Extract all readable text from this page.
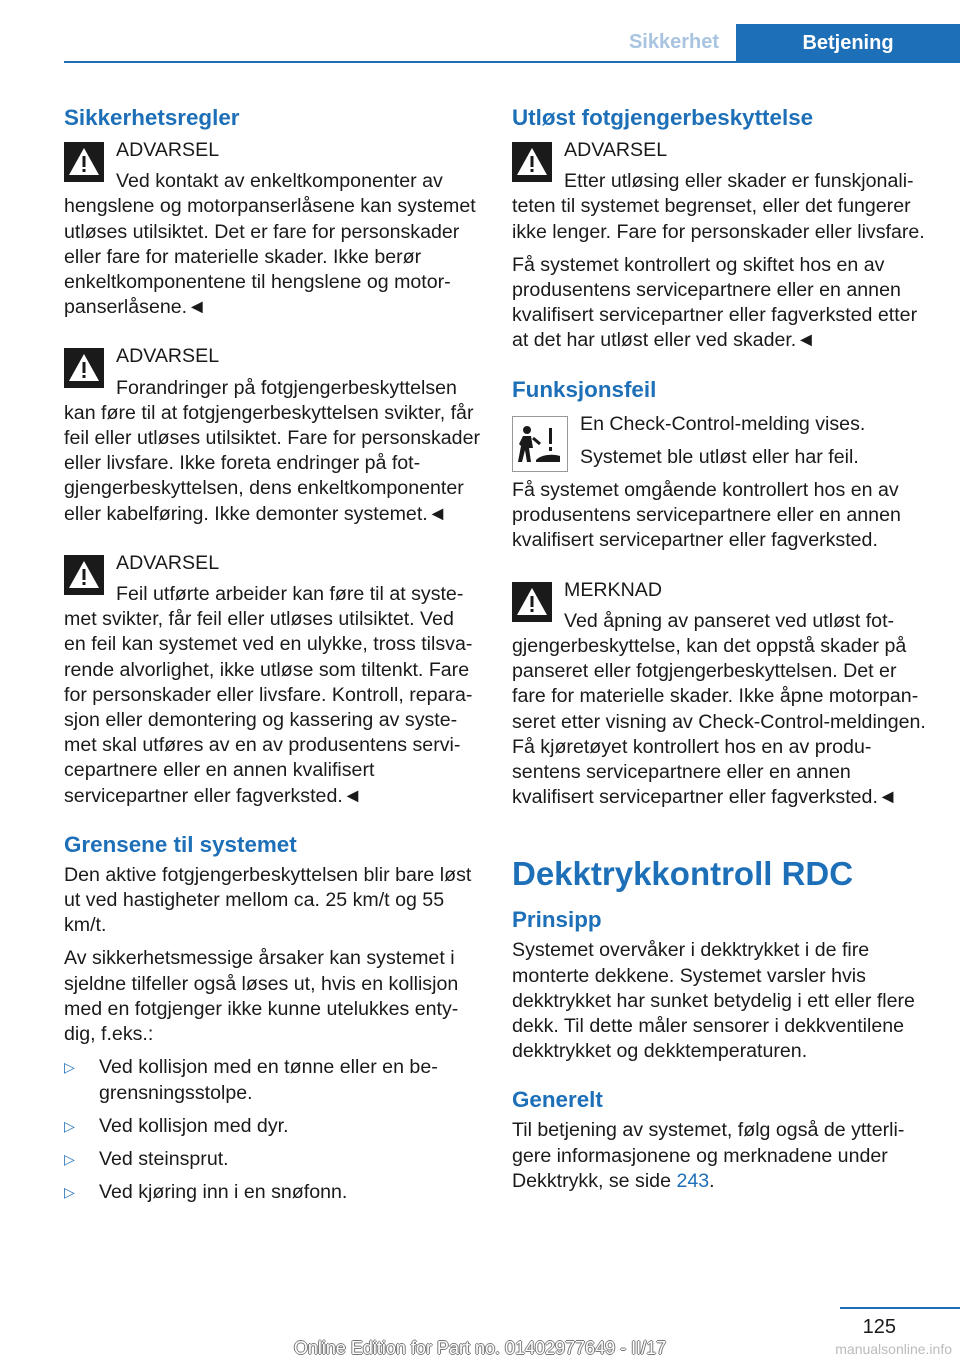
Sikkerhet	Betjening
Sikkerhetsregler
ADVARSEL

Ved kontakt av enkeltkomponenter av hengslene og motorpanserlåsene kan systemet utløses utilsiktet. Det er fare for personskader eller fare for materielle skader. Ikke berør enkeltkomponentene til hengslene og motorpanserlåsene.◄

ADVARSEL

Forandringer på fotgjengerbeskyttelsen kan føre til at fotgjengerbeskyttelsen svikter, får feil eller utløses utilsiktet. Fare for personskader eller livsfare. Ikke foreta endringer på fotgjengerbeskyttelsen, dens enkeltkomponenter eller kabelføring. Ikke demonter systemet.◄

ADVARSEL

Feil utførte arbeider kan føre til at systemet svikter, får feil eller utløses utilsiktet. Ved en feil kan systemet ved en ulykke, tross tilsvarende alvorlighet, ikke utløse som tiltenkt. Fare for personskader eller livsfare. Kontroll, reparasjon eller demontering og kassering av systemet skal utføres av en av produsentens servicepartnere eller en annen kvalifisert servicepartner eller fagverksted.◄

Grensene til systemet

Den aktive fotgjengerbeskyttelsen blir bare løst ut ved hastigheter mellom ca. 25 km/t og 55 km/t.

Av sikkerhetsmessige årsaker kan systemet i sjeldne tilfeller også løses ut, hvis en kollisjon med en fotgjenger ikke kunne utelukkes entydig, f.eks.:

▷ Ved kollisjon med en tønne eller en begrensningsstolpe.
▷ Ved kollisjon med dyr.
▷ Ved steinsprut.
▷ Ved kjøring inn i en snøfonn.
Utløst fotgjengerbeskyttelse
ADVARSEL

Etter utløsing eller skader er funskjonaliteten til systemet begrenset, eller det fungerer ikke lenger. Fare for personskader eller livsfare.

Få systemet kontrollert og skiftet hos en av produsentens servicepartnere eller en annen kvalifisert servicepartner eller fagverksted etter at det har utløst eller ved skader.◄

Funksjonsfeil

En Check-Control-melding vises.

Systemet ble utløst eller har feil.

Få systemet omgående kontrollert hos en av produsentens servicepartnere eller en annen kvalifisert servicepartner eller fagverksted.

MERKNAD

Ved åpning av panseret ved utløst fotgjengerbeskyttelse, kan det oppstå skader på panseret eller fotgjengerbeskyttelsen. Det er fare for materielle skader. Ikke åpne motorpanseret etter visning av Check-Control-meldingen. Få kjøretøyet kontrollert hos en av produsentens servicepartnere eller en annen kvalifisert servicepartner eller fagverksted.◄

Dekktrykkontroll RDC
Prinsipp

Systemet overvåker i dekktrykket i de fire monterte dekkene. Systemet varsler hvis dekktrykket har sunket betydelig i ett eller flere dekk. Til dette måler sensorer i dekkventilene dekktrykket og dekktemperaturen.

Generelt

Til betjening av systemet, følg også de ytterligere informasjonene og merknadene under Dekktrykk, se side 243.

125
Online Edition for Part no. 01402977649 - II/17	manualsonline.info
